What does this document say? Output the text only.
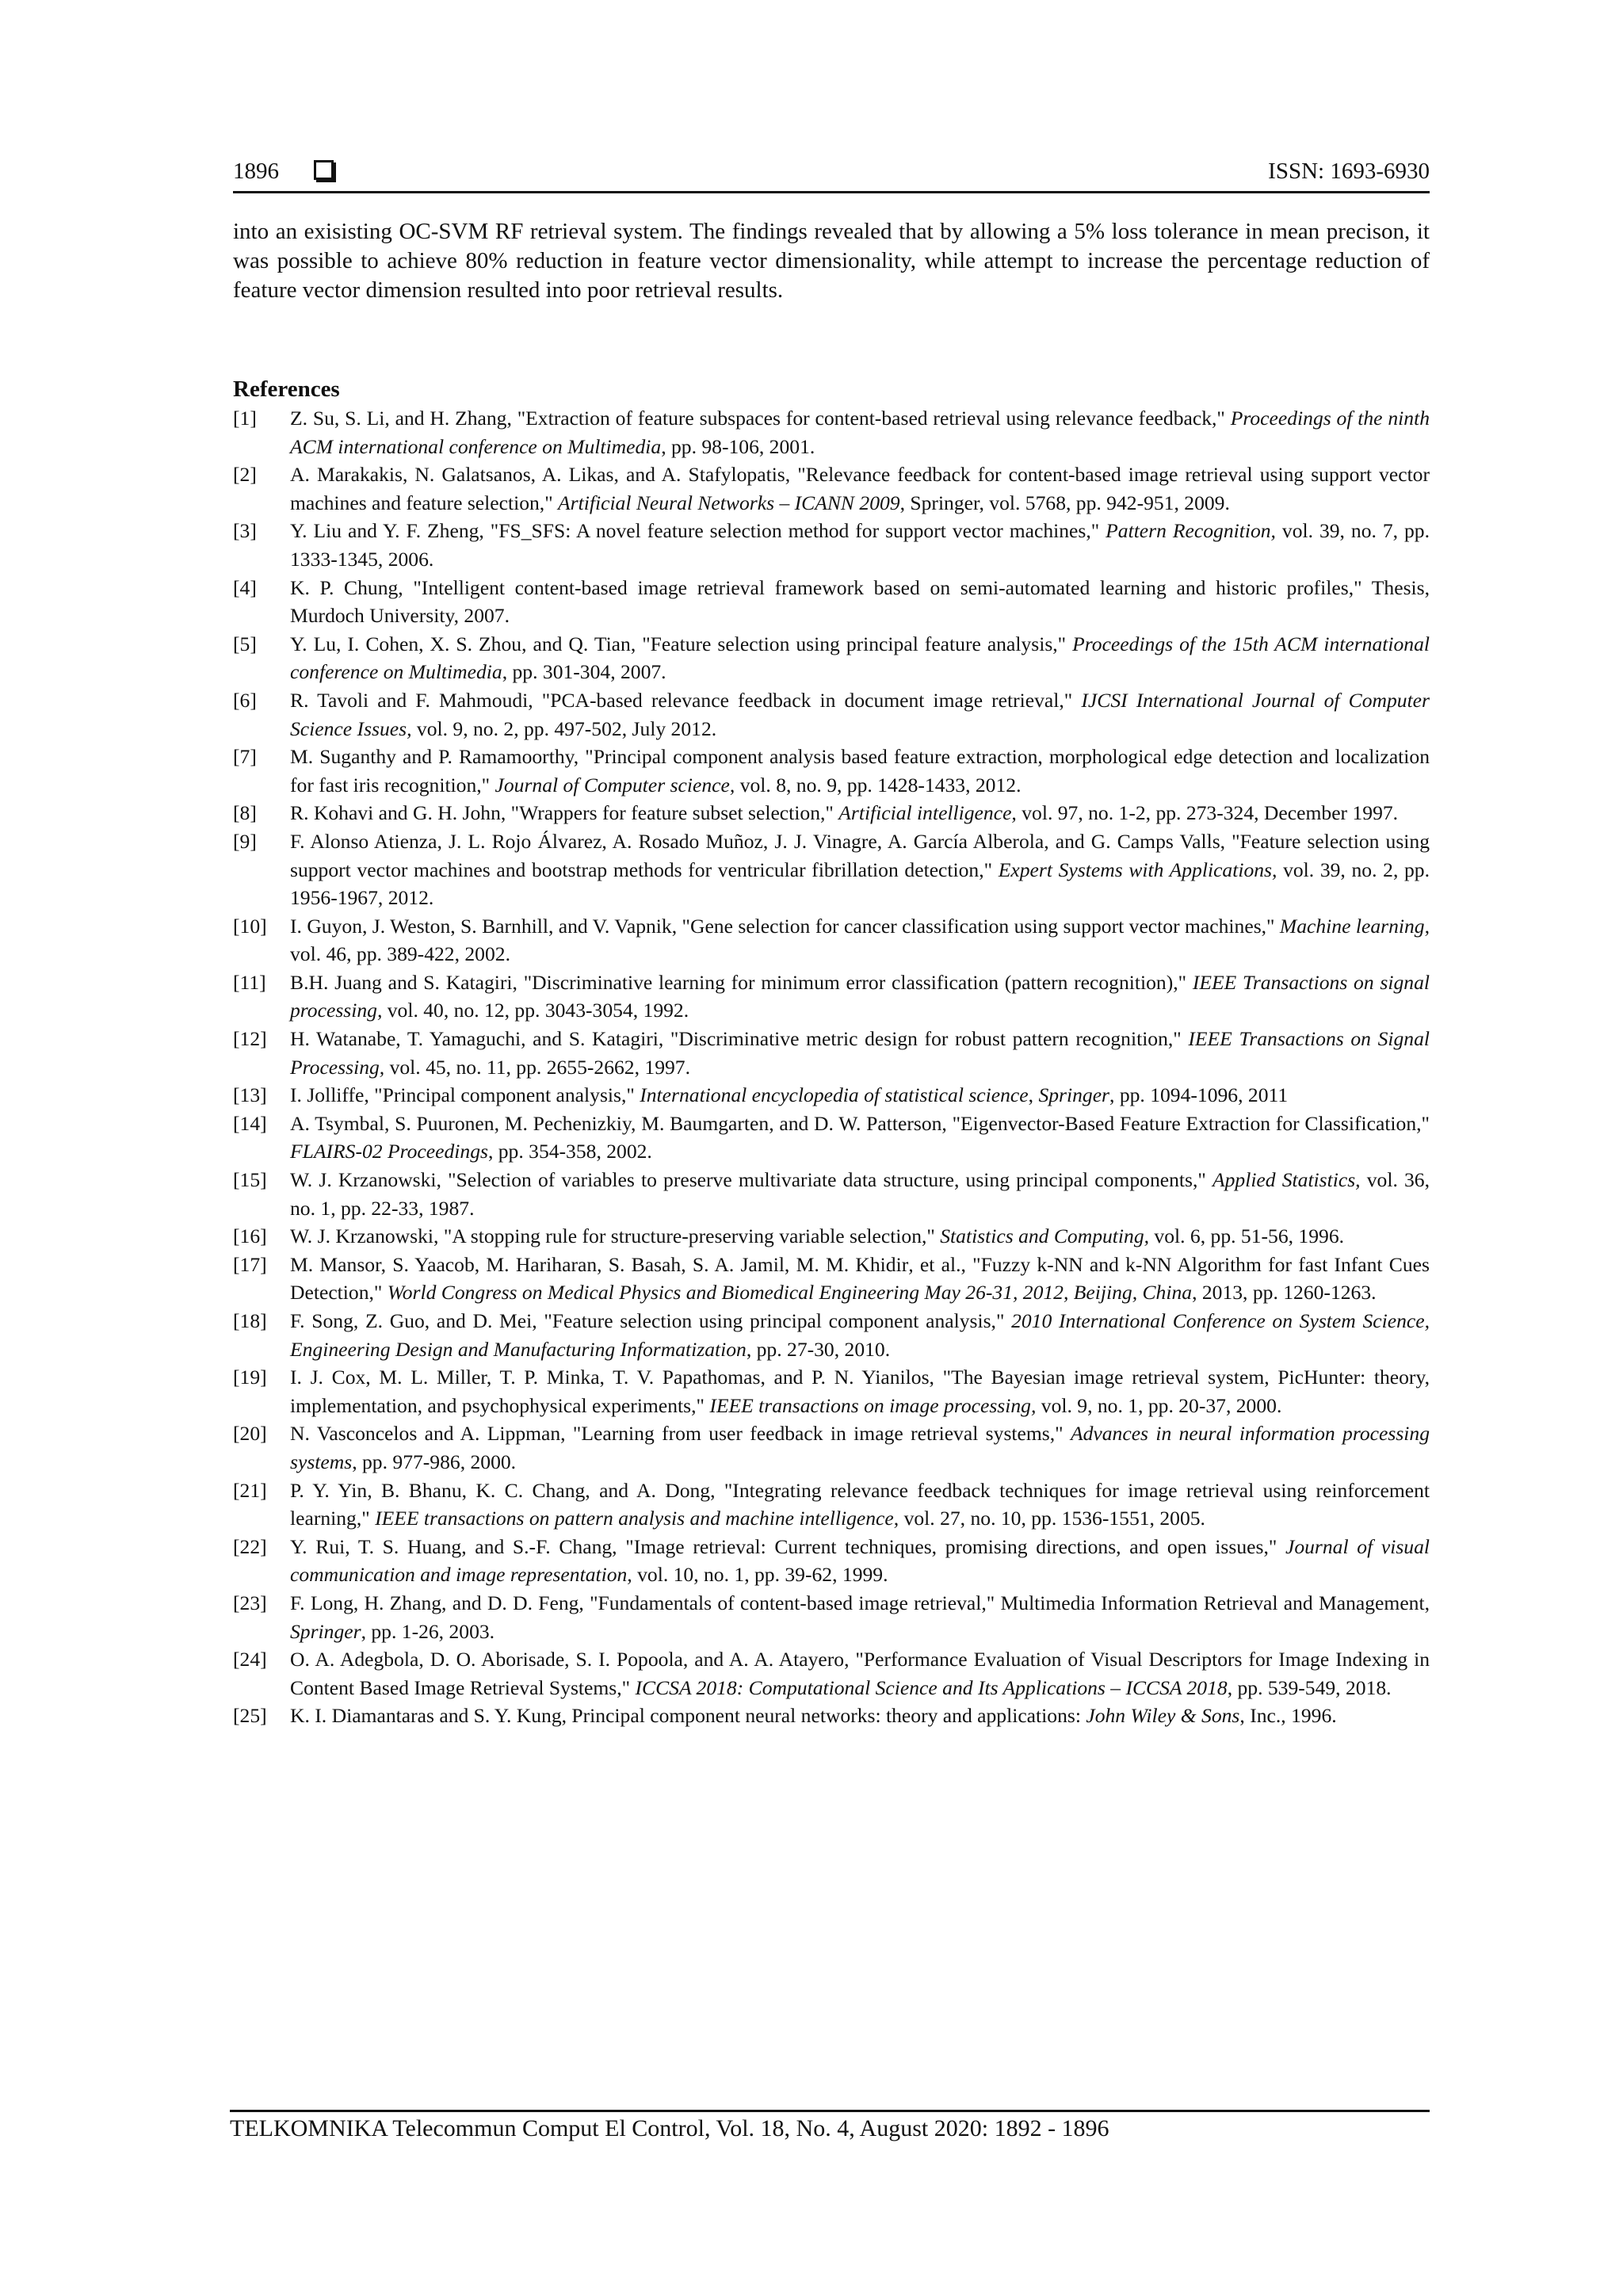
1896	ISSN: 1693-6930

into an exisisting OC-SVM RF retrieval system. The findings revealed that by allowing a 5% loss tolerance in mean precison, it was possible to achieve 80% reduction in feature vector dimensionality, while attempt to increase the percentage reduction of feature vector dimension resulted into poor retrieval results.

References
[1]	Z. Su, S. Li, and H. Zhang, "Extraction of feature subspaces for content-based retrieval using relevance feedback," Proceedings of the ninth ACM international conference on Multimedia, pp. 98-106, 2001.
[2]	A. Marakakis, N. Galatsanos, A. Likas, and A. Stafylopatis, "Relevance feedback for content-based image retrieval using support vector machines and feature selection," Artificial Neural Networks – ICANN 2009, Springer, vol. 5768, pp. 942-951, 2009.
[3]	Y. Liu and Y. F. Zheng, "FS_SFS: A novel feature selection method for support vector machines," Pattern Recognition, vol. 39, no. 7, pp. 1333-1345, 2006.
[4]	K. P. Chung, "Intelligent content-based image retrieval framework based on semi-automated learning and historic profiles," Thesis, Murdoch University, 2007.
[5]	Y. Lu, I. Cohen, X. S. Zhou, and Q. Tian, "Feature selection using principal feature analysis," Proceedings of the 15th ACM international conference on Multimedia, pp. 301-304, 2007.
[6]	R. Tavoli and F. Mahmoudi, "PCA-based relevance feedback in document image retrieval," IJCSI International Journal of Computer Science Issues, vol. 9, no. 2, pp. 497-502, July 2012.
[7]	M. Suganthy and P. Ramamoorthy, "Principal component analysis based feature extraction, morphological edge detection and localization for fast iris recognition," Journal of Computer science, vol. 8, no. 9, pp. 1428-1433, 2012.
[8]	R. Kohavi and G. H. John, "Wrappers for feature subset selection," Artificial intelligence, vol. 97, no. 1-2, pp. 273-324, December 1997.
[9]	F. Alonso Atienza, J. L. Rojo Álvarez, A. Rosado Muñoz, J. J. Vinagre, A. García Alberola, and G. Camps Valls, "Feature selection using support vector machines and bootstrap methods for ventricular fibrillation detection," Expert Systems with Applications, vol. 39, no. 2, pp. 1956-1967, 2012.
[10]	I. Guyon, J. Weston, S. Barnhill, and V. Vapnik, "Gene selection for cancer classification using support vector machines," Machine learning, vol. 46, pp. 389-422, 2002.
[11]	B.H. Juang and S. Katagiri, "Discriminative learning for minimum error classification (pattern recognition)," IEEE Transactions on signal processing, vol. 40, no. 12, pp. 3043-3054, 1992.
[12]	H. Watanabe, T. Yamaguchi, and S. Katagiri, "Discriminative metric design for robust pattern recognition," IEEE Transactions on Signal Processing, vol. 45, no. 11, pp. 2655-2662, 1997.
[13]	I. Jolliffe, "Principal component analysis," International encyclopedia of statistical science, Springer, pp. 1094-1096, 2011
[14]	A. Tsymbal, S. Puuronen, M. Pechenizkiy, M. Baumgarten, and D. W. Patterson, "Eigenvector-Based Feature Extraction for Classification," FLAIRS-02 Proceedings, pp. 354-358, 2002.
[15]	W. J. Krzanowski, "Selection of variables to preserve multivariate data structure, using principal components," Applied Statistics, vol. 36, no. 1, pp. 22-33, 1987.
[16]	W. J. Krzanowski, "A stopping rule for structure-preserving variable selection," Statistics and Computing, vol. 6, pp. 51-56, 1996.
[17]	M. Mansor, S. Yaacob, M. Hariharan, S. Basah, S. A. Jamil, M. M. Khidir, et al., "Fuzzy k-NN and k-NN Algorithm for fast Infant Cues Detection," World Congress on Medical Physics and Biomedical Engineering May 26-31, 2012, Beijing, China, 2013, pp. 1260-1263.
[18]	F. Song, Z. Guo, and D. Mei, "Feature selection using principal component analysis," 2010 International Conference on System Science, Engineering Design and Manufacturing Informatization, pp. 27-30, 2010.
[19]	I. J. Cox, M. L. Miller, T. P. Minka, T. V. Papathomas, and P. N. Yianilos, "The Bayesian image retrieval system, PicHunter: theory, implementation, and psychophysical experiments," IEEE transactions on image processing, vol. 9, no. 1, pp. 20-37, 2000.
[20]	N. Vasconcelos and A. Lippman, "Learning from user feedback in image retrieval systems," Advances in neural information processing systems, pp. 977-986, 2000.
[21]	P. Y. Yin, B. Bhanu, K. C. Chang, and A. Dong, "Integrating relevance feedback techniques for image retrieval using reinforcement learning," IEEE transactions on pattern analysis and machine intelligence, vol. 27, no. 10, pp. 1536-1551, 2005.
[22]	Y. Rui, T. S. Huang, and S.-F. Chang, "Image retrieval: Current techniques, promising directions, and open issues," Journal of visual communication and image representation, vol. 10, no. 1, pp. 39-62, 1999.
[23]	F. Long, H. Zhang, and D. D. Feng, "Fundamentals of content-based image retrieval," Multimedia Information Retrieval and Management, Springer, pp. 1-26, 2003.
[24]	O. A. Adegbola, D. O. Aborisade, S. I. Popoola, and A. A. Atayero, "Performance Evaluation of Visual Descriptors for Image Indexing in Content Based Image Retrieval Systems," ICCSA 2018: Computational Science and Its Applications – ICCSA 2018, pp. 539-549, 2018.
[25]	K. I. Diamantaras and S. Y. Kung, Principal component neural networks: theory and applications: John Wiley & Sons, Inc., 1996.

TELKOMNIKA Telecommun Comput El Control, Vol. 18, No. 4, August 2020: 1892 - 1896
